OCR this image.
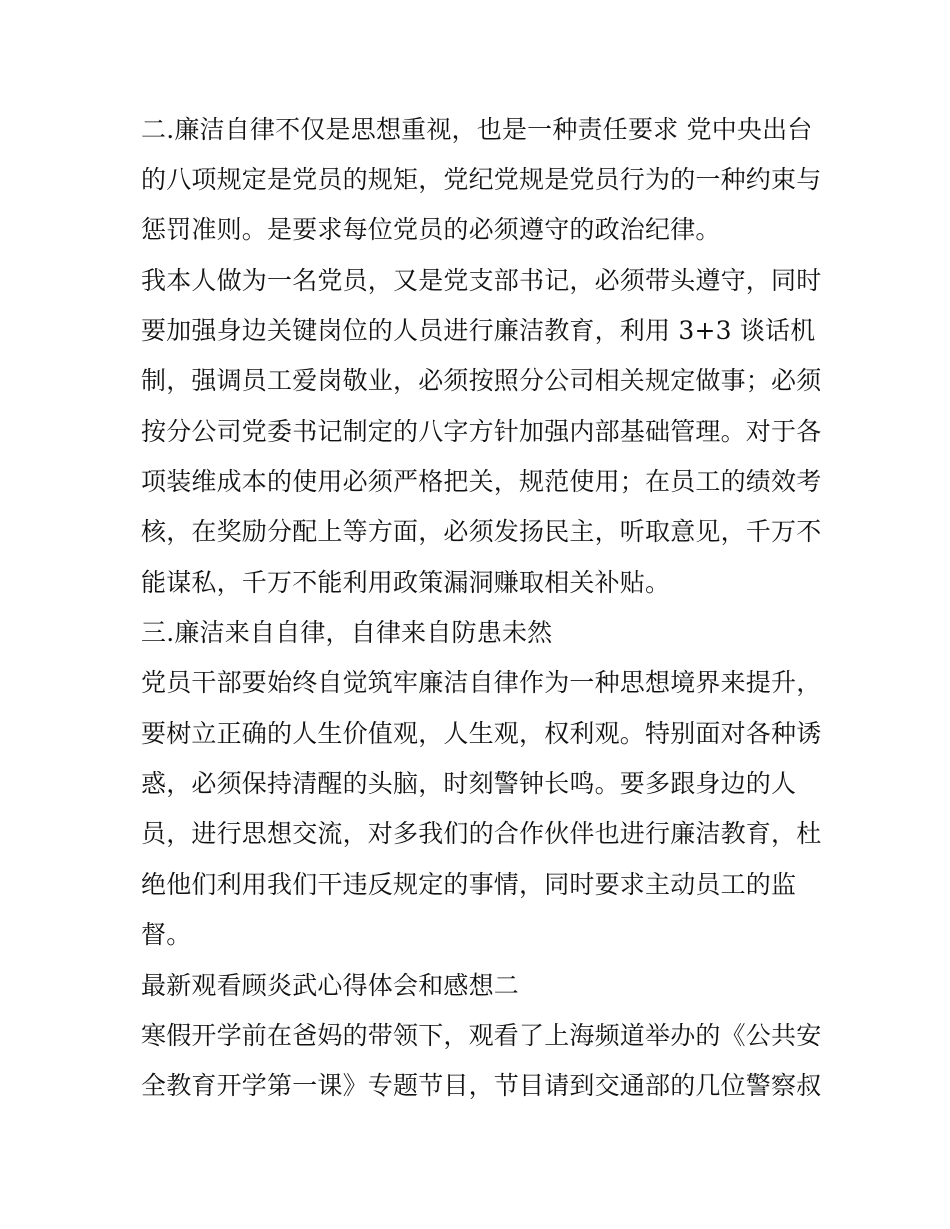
二.廉洁自律不仅是思想重视，也是一种责任要求 党中央出台
的八项规定是党员的规矩，党纪党规是党员行为的一种约束与
惩罚准则。是要求每位党员的必须遵守的政治纪律。
我本人做为一名党员，又是党支部书记，必须带头遵守，同时
要加强身边关键岗位的人员进行廉洁教育，利用 3+3 谈话机
制，强调员工爱岗敬业，必须按照分公司相关规定做事；必须
按分公司党委书记制定的八字方针加强内部基础管理。对于各
项装维成本的使用必须严格把关，规范使用；在员工的绩效考
核，在奖励分配上等方面，必须发扬民主，听取意见，千万不
能谋私，千万不能利用政策漏洞赚取相关补贴。
三.廉洁来自自律，自律来自防患未然
党员干部要始终自觉筑牢廉洁自律作为一种思想境界来提升，
要树立正确的人生价值观，人生观，权利观。特别面对各种诱
惑，必须保持清醒的头脑，时刻警钟长鸣。要多跟身边的人
员，进行思想交流，对多我们的合作伙伴也进行廉洁教育，杜
绝他们利用我们干违反规定的事情，同时要求主动员工的监
督。
最新观看顾炎武心得体会和感想二
寒假开学前在爸妈的带领下，观看了上海频道举办的《公共安
全教育开学第一课》专题节目，节目请到交通部的几位警察叔
